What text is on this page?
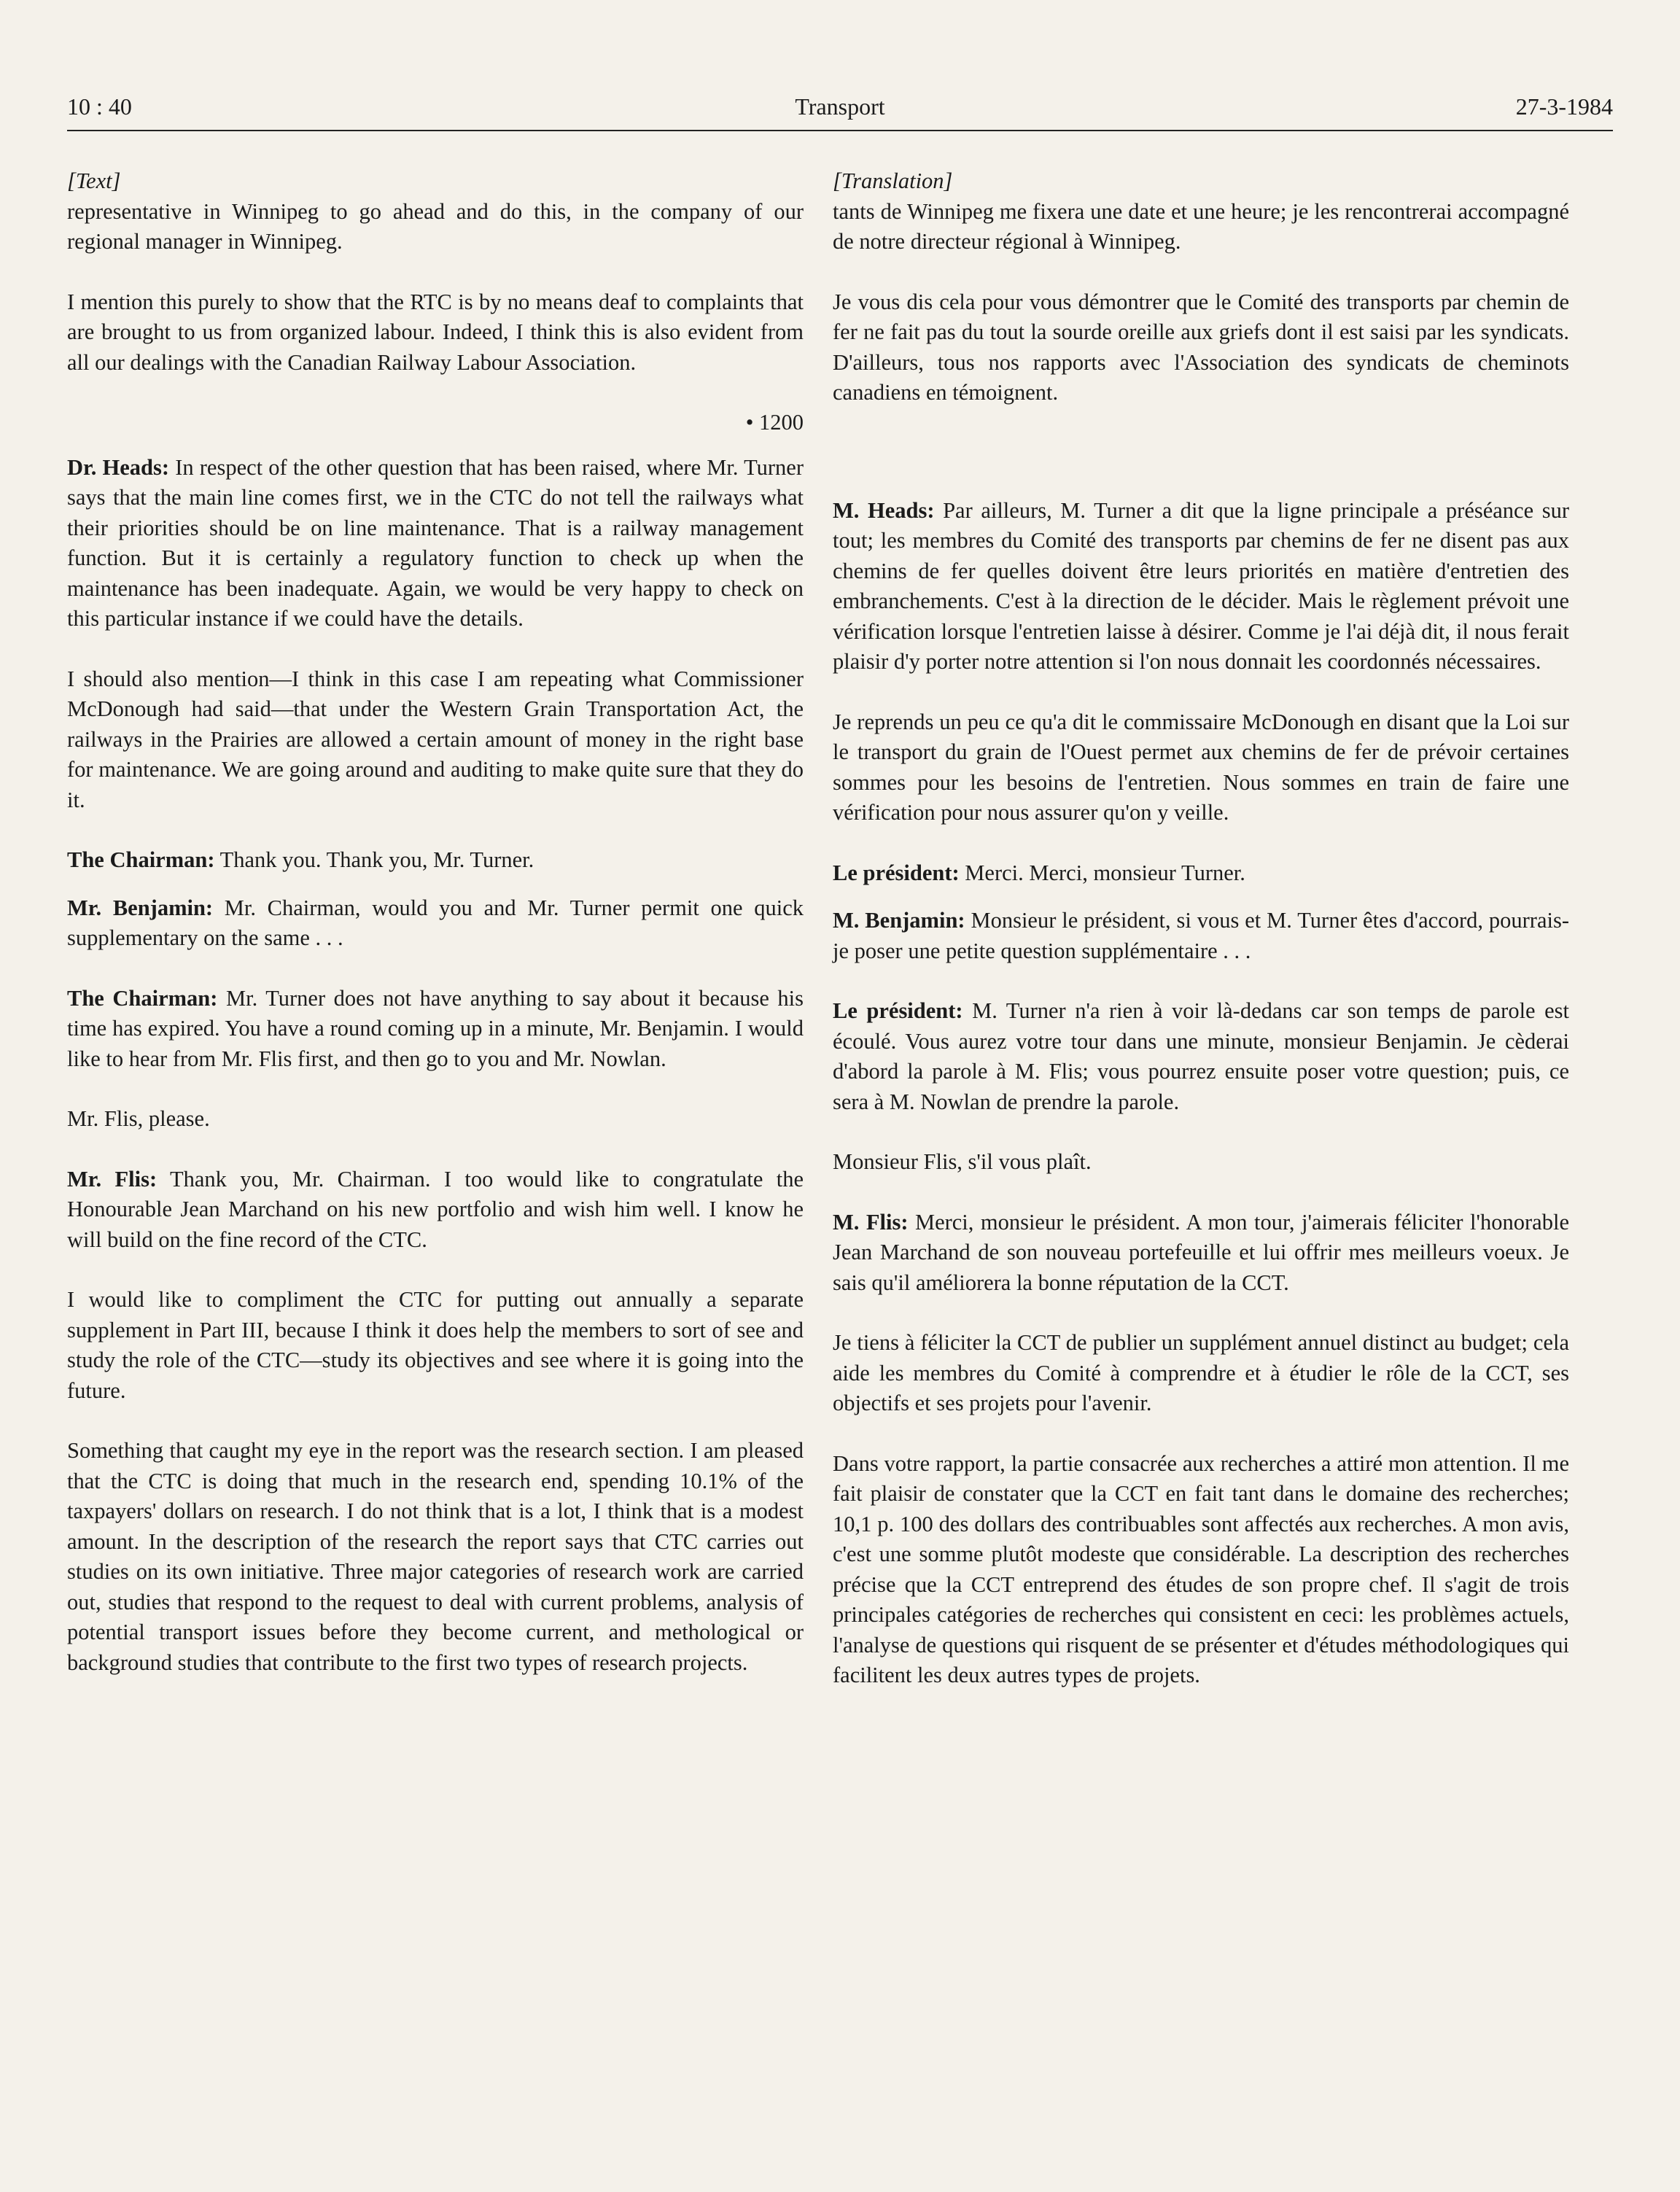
10 : 40	Transport	27-3-1984

[Text]

representative in Winnipeg to go ahead and do this, in the company of our regional manager in Winnipeg.

I mention this purely to show that the RTC is by no means deaf to complaints that are brought to us from organized labour. Indeed, I think this is also evident from all our dealings with the Canadian Railway Labour Association.

• 1200

Dr. Heads: In respect of the other question that has been raised, where Mr. Turner says that the main line comes first, we in the CTC do not tell the railways what their priorities should be on line maintenance. That is a railway management function. But it is certainly a regulatory function to check up when the maintenance has been inadequate. Again, we would be very happy to check on this particular instance if we could have the details.

I should also mention—I think in this case I am repeating what Commissioner McDonough had said—that under the Western Grain Transportation Act, the railways in the Prairies are allowed a certain amount of money in the right base for maintenance. We are going around and auditing to make quite sure that they do it.

The Chairman: Thank you. Thank you, Mr. Turner.

Mr. Benjamin: Mr. Chairman, would you and Mr. Turner permit one quick supplementary on the same . . .

The Chairman: Mr. Turner does not have anything to say about it because his time has expired. You have a round coming up in a minute, Mr. Benjamin. I would like to hear from Mr. Flis first, and then go to you and Mr. Nowlan.

Mr. Flis, please.

Mr. Flis: Thank you, Mr. Chairman. I too would like to congratulate the Honourable Jean Marchand on his new portfolio and wish him well. I know he will build on the fine record of the CTC.

I would like to compliment the CTC for putting out annually a separate supplement in Part III, because I think it does help the members to sort of see and study the role of the CTC—study its objectives and see where it is going into the future.

Something that caught my eye in the report was the research section. I am pleased that the CTC is doing that much in the research end, spending 10.1% of the taxpayers' dollars on research. I do not think that is a lot, I think that is a modest amount. In the description of the research the report says that CTC carries out studies on its own initiative. Three major categories of research work are carried out, studies that respond to the request to deal with current problems, analysis of potential transport issues before they become current, and methological or background studies that contribute to the first two types of research projects.

[Translation]

tants de Winnipeg me fixera une date et une heure; je les rencontrerai accompagné de notre directeur régional à Winnipeg.

Je vous dis cela pour vous démontrer que le Comité des transports par chemin de fer ne fait pas du tout la sourde oreille aux griefs dont il est saisi par les syndicats. D'ailleurs, tous nos rapports avec l'Association des syndicats de cheminots canadiens en témoignent.

M. Heads: Par ailleurs, M. Turner a dit que la ligne principale a préséance sur tout; les membres du Comité des transports par chemins de fer ne disent pas aux chemins de fer quelles doivent être leurs priorités en matière d'entretien des embranchements. C'est à la direction de le décider. Mais le règlement prévoit une vérification lorsque l'entretien laisse à désirer. Comme je l'ai déjà dit, il nous ferait plaisir d'y porter notre attention si l'on nous donnait les coordonnés nécessaires.

Je reprends un peu ce qu'a dit le commissaire McDonough en disant que la Loi sur le transport du grain de l'Ouest permet aux chemins de fer de prévoir certaines sommes pour les besoins de l'entretien. Nous sommes en train de faire une vérification pour nous assurer qu'on y veille.

Le président: Merci. Merci, monsieur Turner.

M. Benjamin: Monsieur le président, si vous et M. Turner êtes d'accord, pourrais-je poser une petite question supplémentaire . . .

Le président: M. Turner n'a rien à voir là-dedans car son temps de parole est écoulé. Vous aurez votre tour dans une minute, monsieur Benjamin. Je cèderai d'abord la parole à M. Flis; vous pourrez ensuite poser votre question; puis, ce sera à M. Nowlan de prendre la parole.

Monsieur Flis, s'il vous plaît.

M. Flis: Merci, monsieur le président. A mon tour, j'aimerais féliciter l'honorable Jean Marchand de son nouveau portefeuille et lui offrir mes meilleurs voeux. Je sais qu'il améliorera la bonne réputation de la CCT.

Je tiens à féliciter la CCT de publier un supplément annuel distinct au budget; cela aide les membres du Comité à comprendre et à étudier le rôle de la CCT, ses objectifs et ses projets pour l'avenir.

Dans votre rapport, la partie consacrée aux recherches a attiré mon attention. Il me fait plaisir de constater que la CCT en fait tant dans le domaine des recherches; 10,1 p. 100 des dollars des contribuables sont affectés aux recherches. A mon avis, c'est une somme plutôt modeste que considérable. La description des recherches précise que la CCT entreprend des études de son propre chef. Il s'agit de trois principales catégories de recherches qui consistent en ceci: les problèmes actuels, l'analyse de questions qui risquent de se présenter et d'études méthodologiques qui facilitent les deux autres types de projets.
